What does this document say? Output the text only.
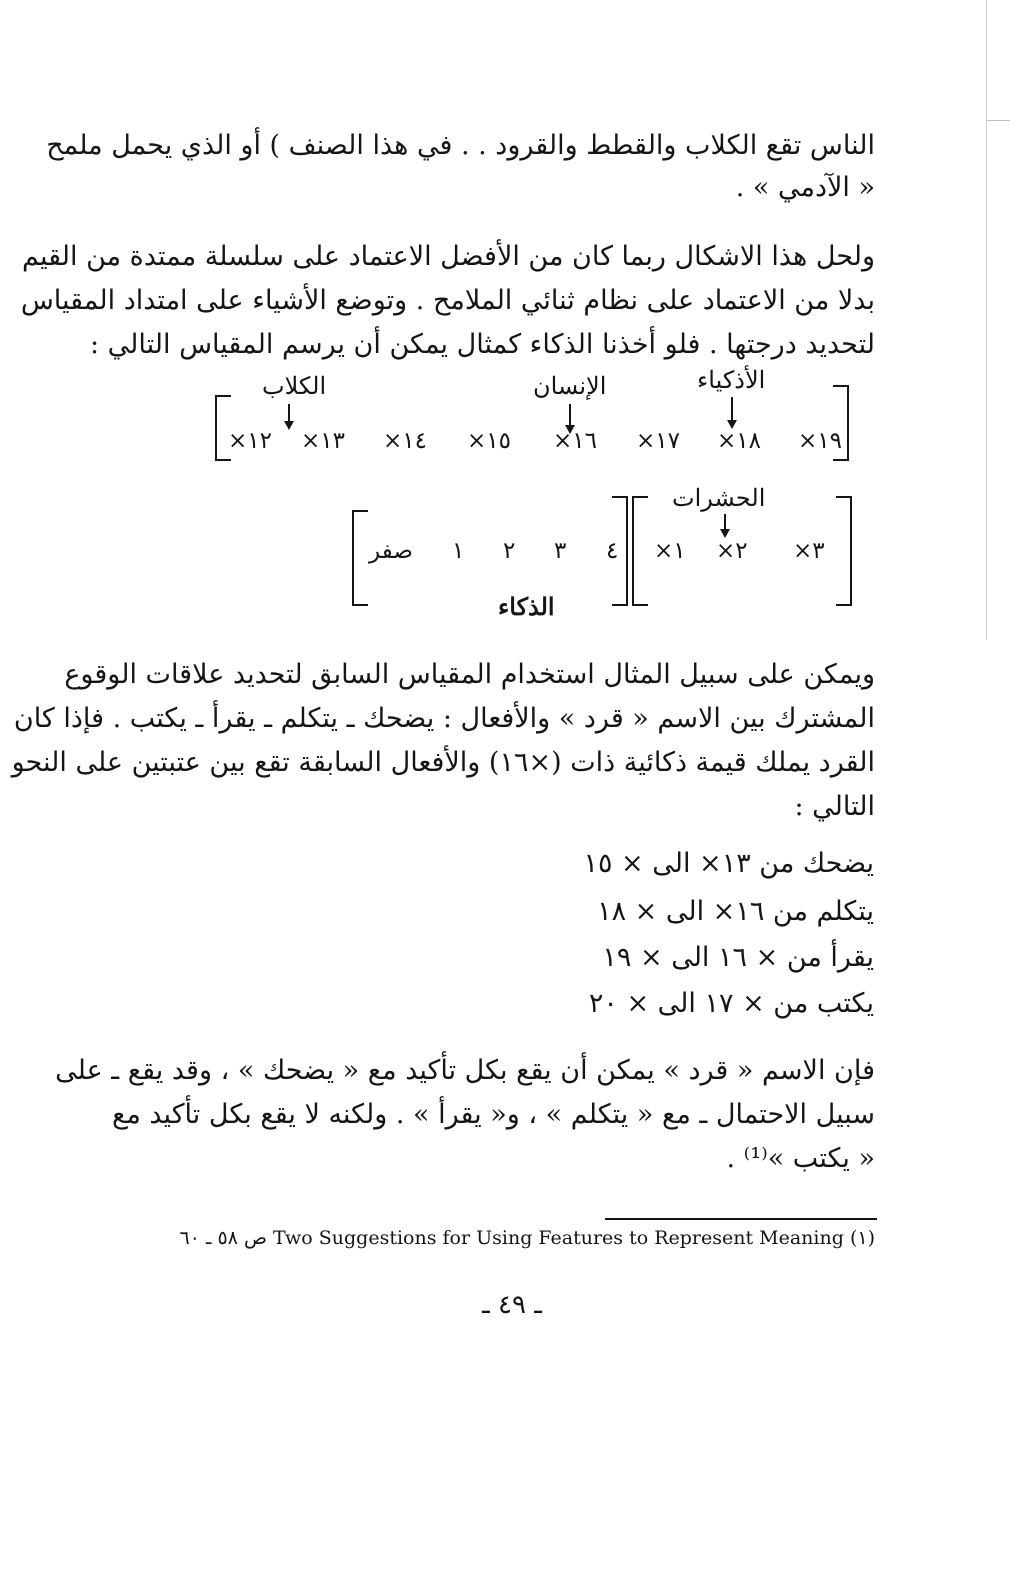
الناس تقع الكلاب والقطط والقرود . . في هذا الصنف ) أو الذي يحمل ملمح
« الآدمي » .
ولحل هذا الاشكال ربما كان من الأفضل الاعتماد على سلسلة ممتدة من القيم
بدلا من الاعتماد على نظام ثنائي الملامح . وتوضع الأشياء على امتداد المقياس
لتحديد درجتها . فلو أخذنا الذكاء كمثال يمكن أن يرسم المقياس التالي :
الكلاب	الإنسان	الأذكياء
١٩×
١٨×
١٧×
١٦×
١٥×
١٤×
١٣×
١٢×
الحشرات
٣×
٢×
١×
٤
٣
٢
١
صفر
الذكاء
ويمكن على سبيل المثال استخدام المقياس السابق لتحديد علاقات الوقوع
المشترك بين الاسم « قرد » والأفعال : يضحك ـ يتكلم ـ يقرأ ـ يكتب . فإذا كان
القرد يملك قيمة ذكائية ذات (×١٦) والأفعال السابقة تقع بين عتبتين على النحو
التالي :
يضحك من ١٣× الى × ١٥
يتكلم من ١٦× الى × ١٨
يقرأ من × ١٦ الى × ١٩
يكتب من × ١٧ الى × ٢٠
فإن الاسم « قرد » يمكن أن يقع بكل تأكيد مع « يضحك » ، وقد يقع ـ على
سبيل الاحتمال ـ مع « يتكلم » ، و« يقرأ » . ولكنه لا يقع بكل تأكيد مع
« يكتب »⁽¹⁾ .
(١) Two Suggestions for Using Features to Represent Meaning ص ٥٨ ـ ٦٠
ـ ٤٩ ـ
